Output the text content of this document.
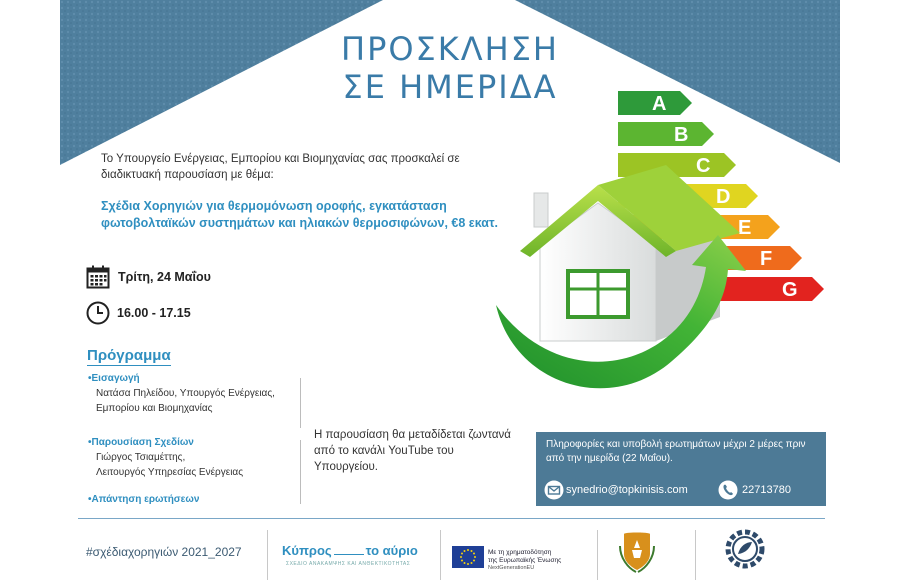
ΠΡΟΣΚΛΗΣΗ
ΣΕ ΗΜΕΡΙΔΑ
Το Υπουργείο Ενέργειας, Εμπορίου και Βιομηχανίας σας προσκαλεί σε διαδικτυακή παρουσίαση με θέμα:
Σχέδια Χορηγιών για θερμομόνωση οροφής, εγκατάσταση φωτοβολταϊκών συστημάτων και ηλιακών θερμοσιφώνων, €8 εκατ.
Τρίτη, 24 Μαΐου
16.00 - 17.15
Πρόγραμμα
•Εισαγωγή
Νατάσα Πηλείδου, Υπουργός Ενέργειας,
Εμπορίου και Βιομηχανίας
•Παρουσίαση Σχεδίων
Γιώργος Τσιαμέττης,
Λειτουργός Υπηρεσίας Ενέργειας
•Απάντηση ερωτήσεων
Η παρουσίαση θα μεταδίδεται ζωντανά από το κανάλι YouTube του Υπουργείου.
Πληροφορίες και υποβολή ερωτημάτων μέχρι 2 μέρες πριν από την ημερίδα (22 Μαΐου).
synedrio@topkinisis.com	22713780
A
B
C
D
E
F
G
#σχέδιαχορηγιών 2021_2027	Κύπρος	το αύριο
ΣΧΕΔΙΟ ΑΝΑΚΑΜΨΗΣ ΚΑΙ ΑΝΘΕΚΤΙΚΟΤΗΤΑΣ
Με τη χρηματοδότηση
της Ευρωπαϊκής Ένωσης
NextGenerationEU
